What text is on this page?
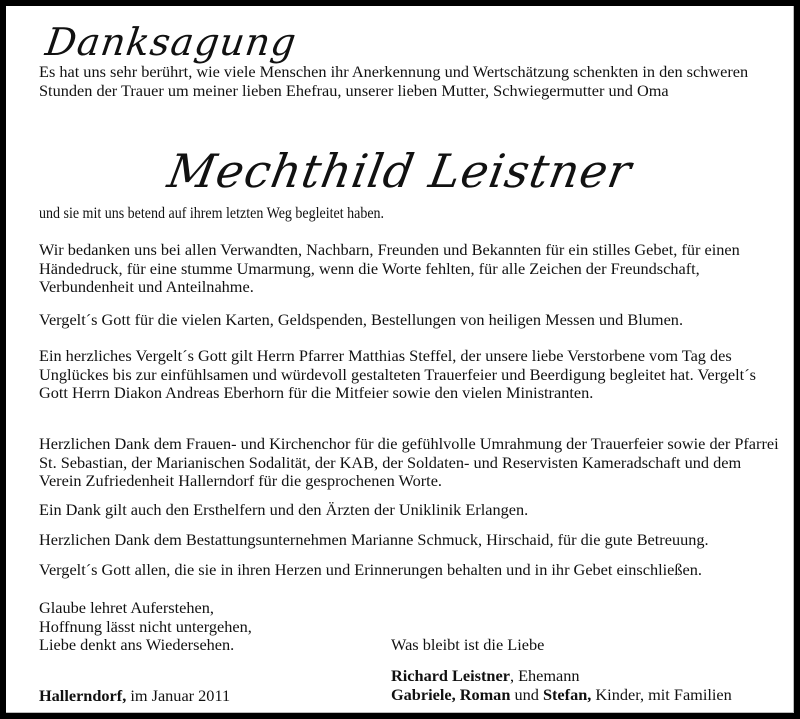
Danksagung
Es hat uns sehr berührt, wie viele Menschen ihr Anerkennung und Wertschätzung schenkten in den schweren Stunden der Trauer um meiner lieben Ehefrau, unserer lieben Mutter, Schwiegermutter und Oma
Mechthild Leistner
und sie mit uns betend auf ihrem letzten Weg begleitet haben.
Wir bedanken uns bei allen Verwandten, Nachbarn, Freunden und Bekannten für ein stilles Gebet, für einen Händedruck, für eine stumme Umarmung, wenn die Worte fehlten, für alle Zeichen der Freundschaft, Verbundenheit und Anteilnahme.
Vergelt´s Gott für die vielen Karten, Geldspenden, Bestellungen von heiligen Messen und Blumen.
Ein herzliches Vergelt´s Gott gilt Herrn Pfarrer Matthias Steffel, der unsere liebe Verstorbene vom Tag des Unglückes bis zur einfühlsamen und würdevoll gestalteten Trauerfeier und Beerdigung begleitet hat. Vergelt´s Gott Herrn Diakon Andreas Eberhorn für die Mitfeier sowie den vielen Ministranten.
Herzlichen Dank dem Frauen- und Kirchenchor für die gefühlvolle Umrahmung der Trauerfeier sowie der Pfarrei St. Sebastian, der Marianischen Sodalität, der KAB, der Soldaten- und Reservisten Kameradschaft und dem Verein Zufriedenheit Hallerndorf für die gesprochenen Worte.
Ein Dank gilt auch den Ersthelfern und den Ärzten der Uniklinik Erlangen.
Herzlichen Dank dem Bestattungsunternehmen Marianne Schmuck, Hirschaid, für die gute Betreuung.
Vergelt´s Gott allen, die sie in ihren Herzen und Erinnerungen behalten und in ihr Gebet einschließen.
Glaube lehret Auferstehen,
Hoffnung lässt nicht untergehen,
Liebe denkt ans Wiedersehen.
Hallerndorf, im Januar 2011
Was bleibt ist die Liebe
Richard Leistner, Ehemann
Gabriele, Roman und Stefan, Kinder, mit Familien
